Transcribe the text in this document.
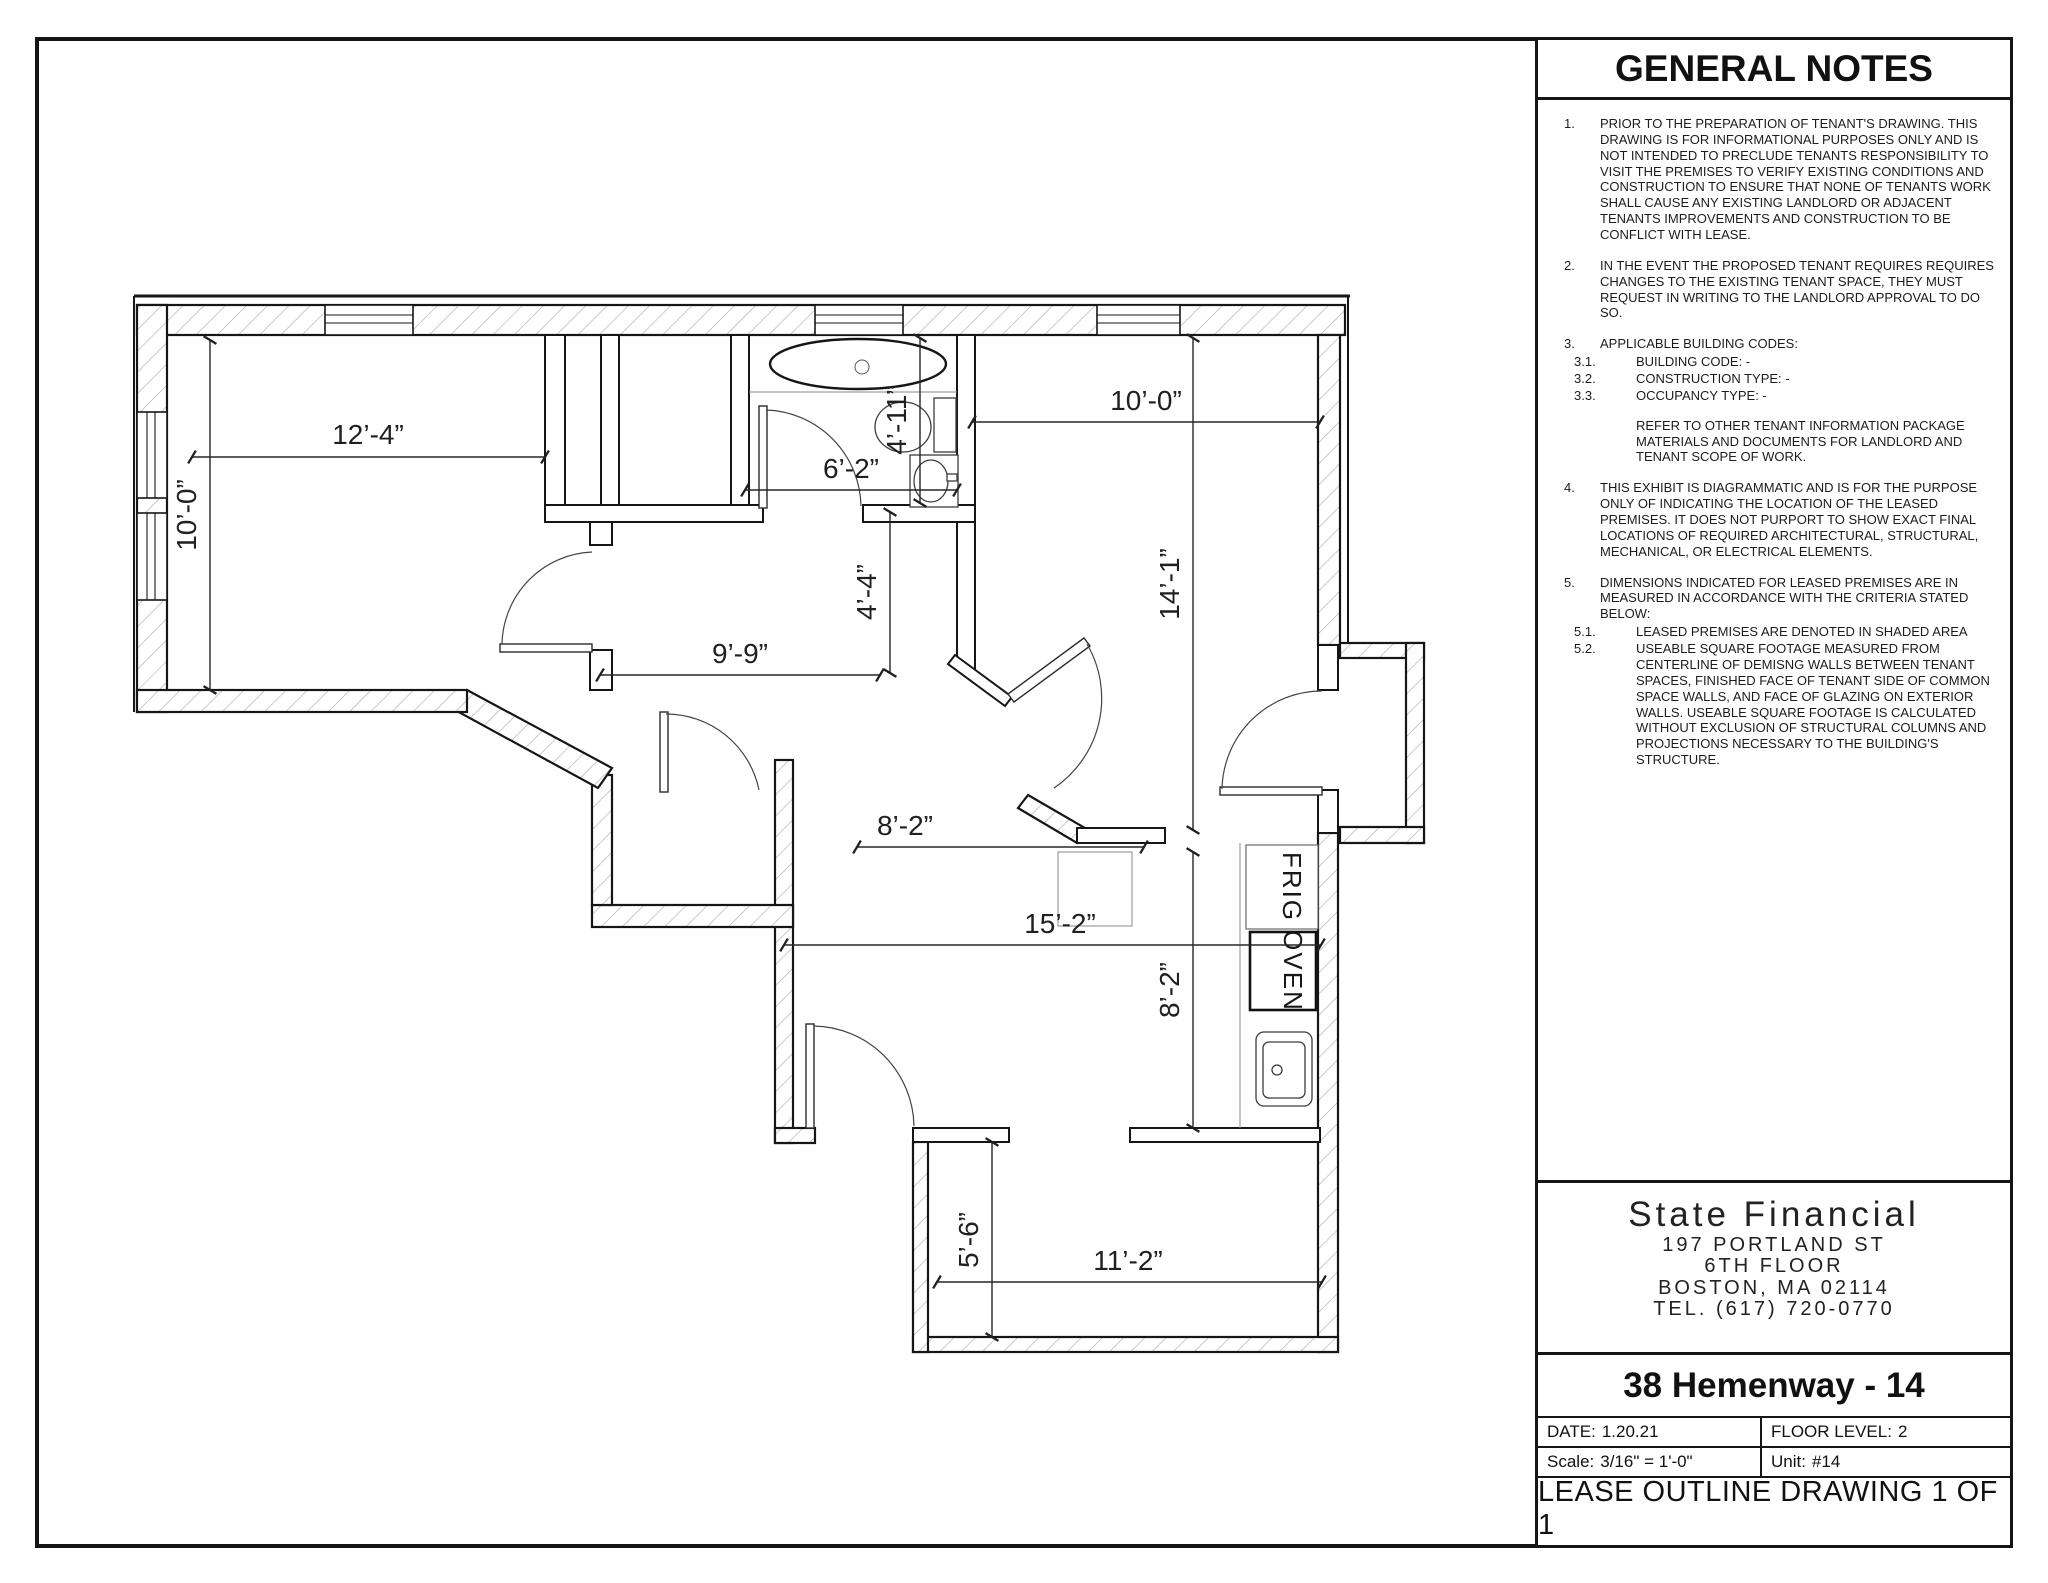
FRIG
OVEN
12’-4”
10’-0”
6’-2”
4’-11”
4’-4”
9’-9”
10’-0”
14’-1”
8’-2”
15’-2”
8’-2”
5’-6”	11’-2”
GENERAL NOTES
1.	PRIOR TO THE PREPARATION OF TENANT'S DRAWING. THIS DRAWING IS FOR INFORMATIONAL PURPOSES ONLY AND IS NOT INTENDED TO PRECLUDE TENANTS RESPONSIBILITY TO VISIT THE PREMISES TO VERIFY EXISTING CONDITIONS AND CONSTRUCTION TO ENSURE THAT NONE OF TENANTS WORK SHALL CAUSE ANY EXISTING LANDLORD OR ADJACENT TENANTS IMPROVEMENTS AND CONSTRUCTION TO BE CONFLICT WITH LEASE.
2.	IN THE EVENT THE PROPOSED TENANT REQUIRES REQUIRES CHANGES TO THE EXISTING TENANT SPACE, THEY MUST REQUEST IN WRITING TO THE LANDLORD APPROVAL TO DO SO.
3.	APPLICABLE BUILDING CODES:
3.1.	BUILDING CODE: -
3.2.	CONSTRUCTION TYPE: -
3.3.	OCCUPANCY TYPE: -
REFER TO OTHER TENANT INFORMATION PACKAGE MATERIALS AND DOCUMENTS FOR LANDLORD AND TENANT SCOPE OF WORK.
4.	THIS EXHIBIT IS DIAGRAMMATIC AND IS FOR THE PURPOSE ONLY OF INDICATING THE LOCATION OF THE LEASED PREMISES. IT DOES NOT PURPORT TO SHOW EXACT FINAL LOCATIONS OF REQUIRED ARCHITECTURAL, STRUCTURAL, MECHANICAL, OR ELECTRICAL ELEMENTS.
5.	DIMENSIONS INDICATED FOR LEASED PREMISES ARE IN MEASURED IN ACCORDANCE WITH THE CRITERIA STATED BELOW:
5.1.	LEASED PREMISES ARE DENOTED IN SHADED AREA
5.2.	USEABLE SQUARE FOOTAGE MEASURED FROM CENTERLINE OF DEMISNG WALLS BETWEEN TENANT SPACES, FINISHED FACE OF TENANT SIDE OF COMMON SPACE WALLS, AND FACE OF GLAZING ON EXTERIOR WALLS. USEABLE SQUARE FOOTAGE IS CALCULATED WITHOUT EXCLUSION OF STRUCTURAL COLUMNS AND PROJECTIONS NECESSARY TO THE BUILDING'S STRUCTURE.
State Financial
197 PORTLAND ST
6TH FLOOR
BOSTON, MA 02114
TEL. (617) 720-0770
38 Hemenway - 14
DATE: 1.20.21	FLOOR LEVEL: 2
Scale: 3/16" = 1'-0"	Unit: #14
LEASE OUTLINE DRAWING 1 OF 1
